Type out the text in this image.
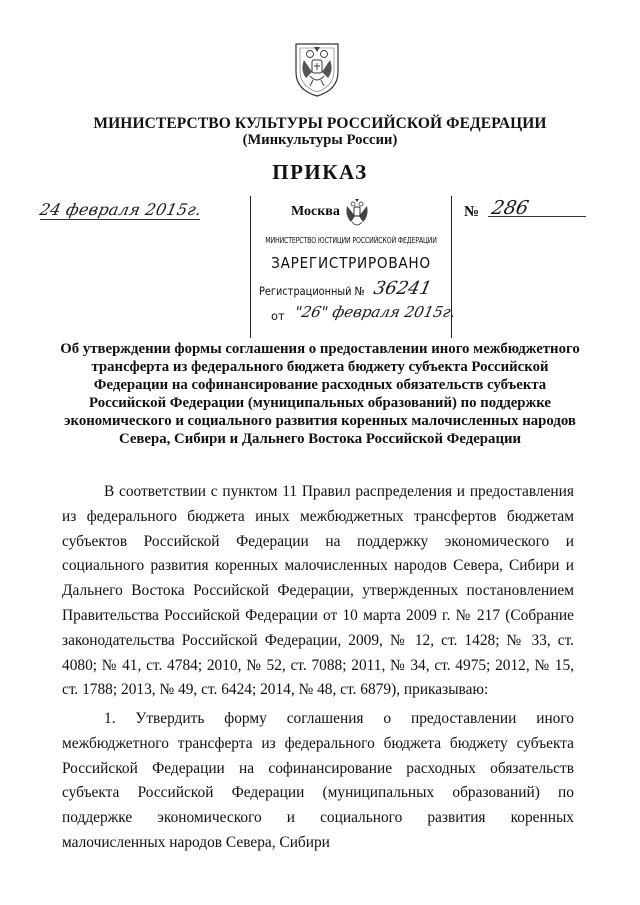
МИНИСТЕРСТВО КУЛЬТУРЫ РОССИЙСКОЙ ФЕДЕРАЦИИ
(Минкультуры России)
ПРИКАЗ
24 февраля 2015г.	№ 286
Москва
МИНИСТЕРСТВО ЮСТИЦИИ РОССИЙСКОЙ ФЕДЕРАЦИИ
ЗАРЕГИСТРИРОВАНО
Регистрационный № 36241
от "26" февраля 2015г.
Об утверждении формы соглашения о предоставлении иного межбюджетного трансферта из федерального бюджета бюджету субъекта Российской Федерации на софинансирование расходных обязательств субъекта Российской Федерации (муниципальных образований) по поддержке экономического и социального развития коренных малочисленных народов Севера, Сибири и Дальнего Востока Российской Федерации

В соответствии с пунктом 11 Правил распределения и предоставления из федерального бюджета иных межбюджетных трансфертов бюджетам субъектов Российской Федерации на поддержку экономического и социального развития коренных малочисленных народов Севера, Сибири и Дальнего Востока Российской Федерации, утвержденных постановлением Правительства Российской Федерации от 10 марта 2009 г. № 217 (Собрание законодательства Российской Федерации, 2009, № 12, ст. 1428; № 33, ст. 4080; № 41, ст. 4784; 2010, № 52, ст. 7088; 2011, № 34, ст. 4975; 2012, № 15, ст. 1788; 2013, № 49, ст. 6424; 2014, № 48, ст. 6879), приказываю:

1. Утвердить форму соглашения о предоставлении иного межбюджетного трансферта из федерального бюджета бюджету субъекта Российской Федерации на софинансирование расходных обязательств субъекта Российской Федерации (муниципальных образований) по поддержке экономического и социального развития коренных малочисленных народов Севера, Сибири
